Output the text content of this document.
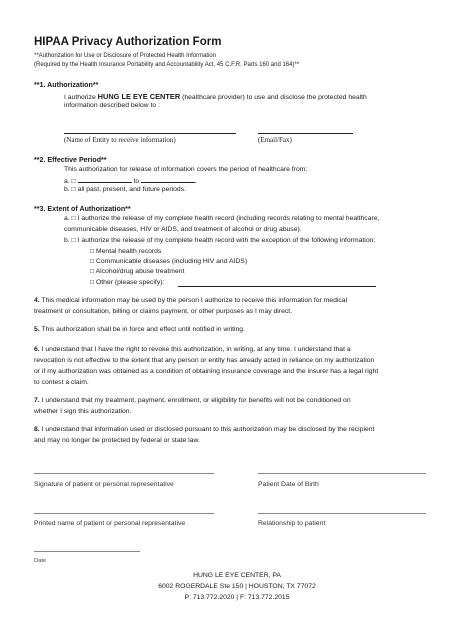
HIPAA Privacy Authorization Form
**Authorization for Use or Disclosure of Protected Health Information
(Required by the Health Insurance Portability and Accountability Act, 45 C.F.R. Parts 160 and 164)**
**1. Authorization**
I authorize HUNG LE EYE CENTER (healthcare provider) to use and disclose the protected health
information described below to :
(Name of Entity to receive information)	(Email/Fax)
**2. Effective Period**
This authorization for release of information covers the period of healthcare from:
a. □	to	.
b. □ all past, present, and future periods.
**3. Extent of Authorization**
a. □ I authorize the release of my complete health record (including records relating to mental healthcare,
communicable diseases, HIV or AIDS, and treatment of alcohol or drug abuse).
b. □ I authorize the release of my complete health record with the exception of the following information:
□ Mental health records
□ Communicable diseases (including HIV and AIDS)
□ Alcohol/drug abuse treatment
□ Other (please specify):
4. This medical information may be used by the person I authorize to receive this information for medical
treatment or consultation, billing or claims payment, or other purposes as I may direct.
5. This authorization shall be in force and effect until notified in writing.
6. I understand that I have the right to revoke this authorization, in writing, at any time. I understand that a
revocation is not effective to the extent that any person or entity has already acted in reliance on my authorization
or if my authorization was obtained as a condition of obtaining insurance coverage and the insurer has a legal right
to contest a claim.
7. I understand that my treatment, payment, enrollment, or eligibility for benefits will not be conditioned on
whether I sign this authorization.
8. I understand that information used or disclosed pursuant to this authorization may be disclosed by the recipient
and may no longer be protected by federal or state law.
Signature of patient or personal representative	Patient Date of Birth
Printed name of patient or personal representative	Relationship to patient
Date
HUNG LE EYE CENTER, PA
6002 ROGERDALE Ste 150 | HOUSTON, TX 77072
P: 713.772.2020 | F: 713.772.2015
